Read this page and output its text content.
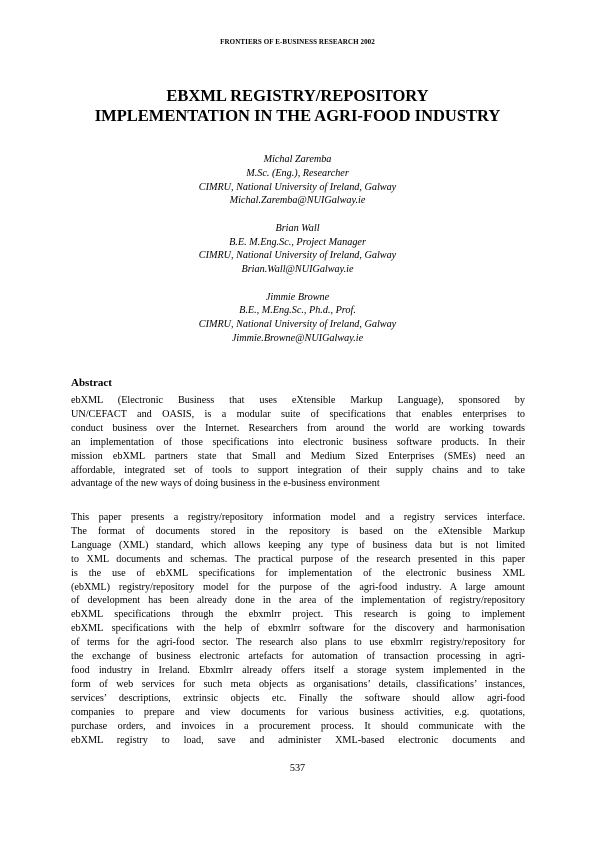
FRONTIERS OF E-BUSINESS RESEARCH 2002
EBXML REGISTRY/REPOSITORY
IMPLEMENTATION IN THE AGRI-FOOD INDUSTRY
Michal Zaremba
M.Sc. (Eng.), Researcher
CIMRU, National University of Ireland, Galway
Michal.Zaremba@NUIGalway.ie
Brian Wall
B.E. M.Eng.Sc., Project Manager
CIMRU, National University of Ireland, Galway
Brian.Wall@NUIGalway.ie
Jimmie Browne
B.E., M.Eng.Sc., Ph.d., Prof.
CIMRU, National University of Ireland, Galway
Jimmie.Browne@NUIGalway.ie
Abstract

ebXML (Electronic Business that uses eXtensible Markup Language), sponsored by
UN/CEFACT and OASIS, is a modular suite of specifications that enables enterprises to
conduct business over the Internet. Researchers from around the world are working towards
an implementation of those specifications into electronic business software products. In their
mission ebXML partners state that Small and Medium Sized Enterprises (SMEs) need an
affordable, integrated set of tools to support integration of their supply chains and to take
advantage of the new ways of doing business in the e-business environment

This paper presents a registry/repository information model and a registry services interface.
The format of documents stored in the repository is based on the eXtensible Markup
Language (XML) standard, which allows keeping any type of business data but is not limited
to XML documents and schemas. The practical purpose of the research presented in this paper
is the use of ebXML specifications for implementation of the electronic business XML
(ebXML) registry/repository model for the purpose of the agri-food industry. A large amount
of development has been already done in the area of the implementation of registry/repository
ebXML specifications through the ebxmlrr project. This research is going to implement
ebXML specifications with the help of ebxmlrr software for the discovery and harmonisation
of terms for the agri-food sector. The research also plans to use ebxmlrr registry/repository for
the exchange of business electronic artefacts for automation of transaction processing in agri-
food industry in Ireland. Ebxmlrr already offers itself a storage system implemented in the
form of web services for such meta objects as organisations’ details, classifications’ instances,
services’ descriptions, extrinsic objects etc. Finally the software should allow agri-food
companies to prepare and view documents for various business activities, e.g. quotations,
purchase orders, and invoices in a procurement process. It should communicate with the
ebXML registry to load, save and administer XML-based electronic documents and

537
